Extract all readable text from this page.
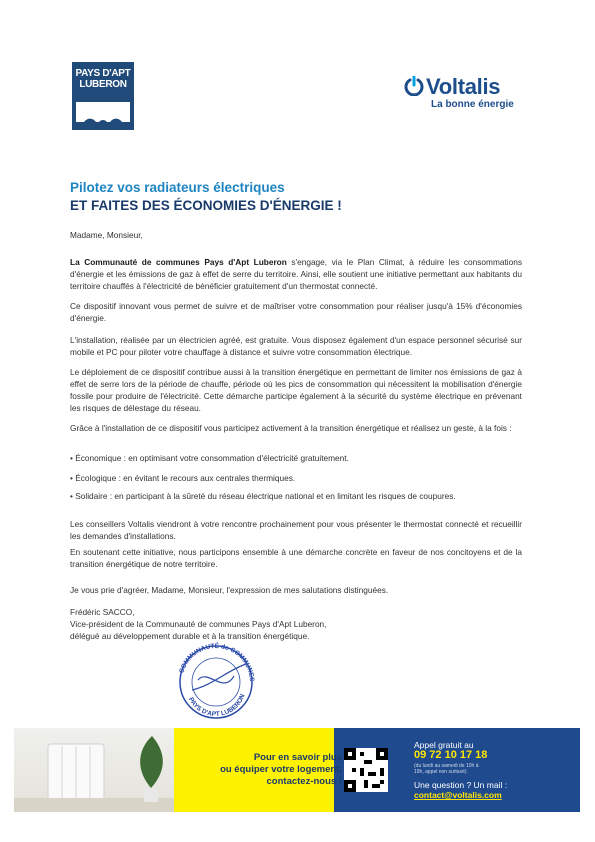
PAYS D'APT
LUBERON	Voltalis
La bonne énergie
Pilotez vos radiateurs électriques
ET FAITES DES ÉCONOMIES D'ÉNERGIE !
Madame, Monsieur,
La Communauté de communes Pays d'Apt Luberon s'engage, via le Plan Climat, à réduire les consommations d'énergie et les émissions de gaz à effet de serre du territoire. Ainsi, elle soutient une initiative permettant aux habitants du territoire chauffés à l'électricité de bénéficier gratuitement d'un thermostat connecté.
Ce dispositif innovant vous permet de suivre et de maîtriser votre consommation pour réaliser jusqu'à 15% d'économies d'énergie.
L'installation, réalisée par un électricien agréé, est gratuite. Vous disposez également d'un espace personnel sécurisé sur mobile et PC pour piloter votre chauffage à distance et suivre votre consommation électrique.
Le déploiement de ce dispositif contribue aussi à la transition énergétique en permettant de limiter nos émissions de gaz à effet de serre lors de la période de chauffe, période où les pics de consommation qui nécessitent la mobilisation d'énergie fossile pour produire de l'électricité. Cette démarche participe également à la sécurité du système électrique en prévenant les risques de délestage du réseau.
Grâce à l'installation de ce dispositif vous participez activement à la transition énergétique et réalisez un geste, à la fois :
• Économique : en optimisant votre consommation d'électricité gratuitement.
• Écologique : en évitant le recours aux centrales thermiques.
• Solidaire : en participant à la sûreté du réseau électrique national et en limitant les risques de coupures.
Les conseillers Voltalis viendront à votre rencontre prochainement pour vous présenter le thermostat connecté et recueillir les demandes d'installations.
En soutenant cette initiative, nous participons ensemble à une démarche concrète en faveur de nos concitoyens et de la transition énergétique de notre territoire.
Je vous prie d'agréer, Madame, Monsieur, l'expression de mes salutations distinguées.
Frédéric SACCO,
Vice-président de la Communauté de communes Pays d'Apt Luberon,
délégué au développement durable et à la transition énergétique.
COMMUNAUTÉ de COMMUNES
PAYS D'APT LUBERON
Pour en savoir plus
ou équiper votre logement,
contactez-nous !
Appel gratuit au
09 72 10 17 18
(du lundi au samedi de 10h à 19h, appel non surtaxé)
Une question ? Un mail :
contact@voltalis.com
